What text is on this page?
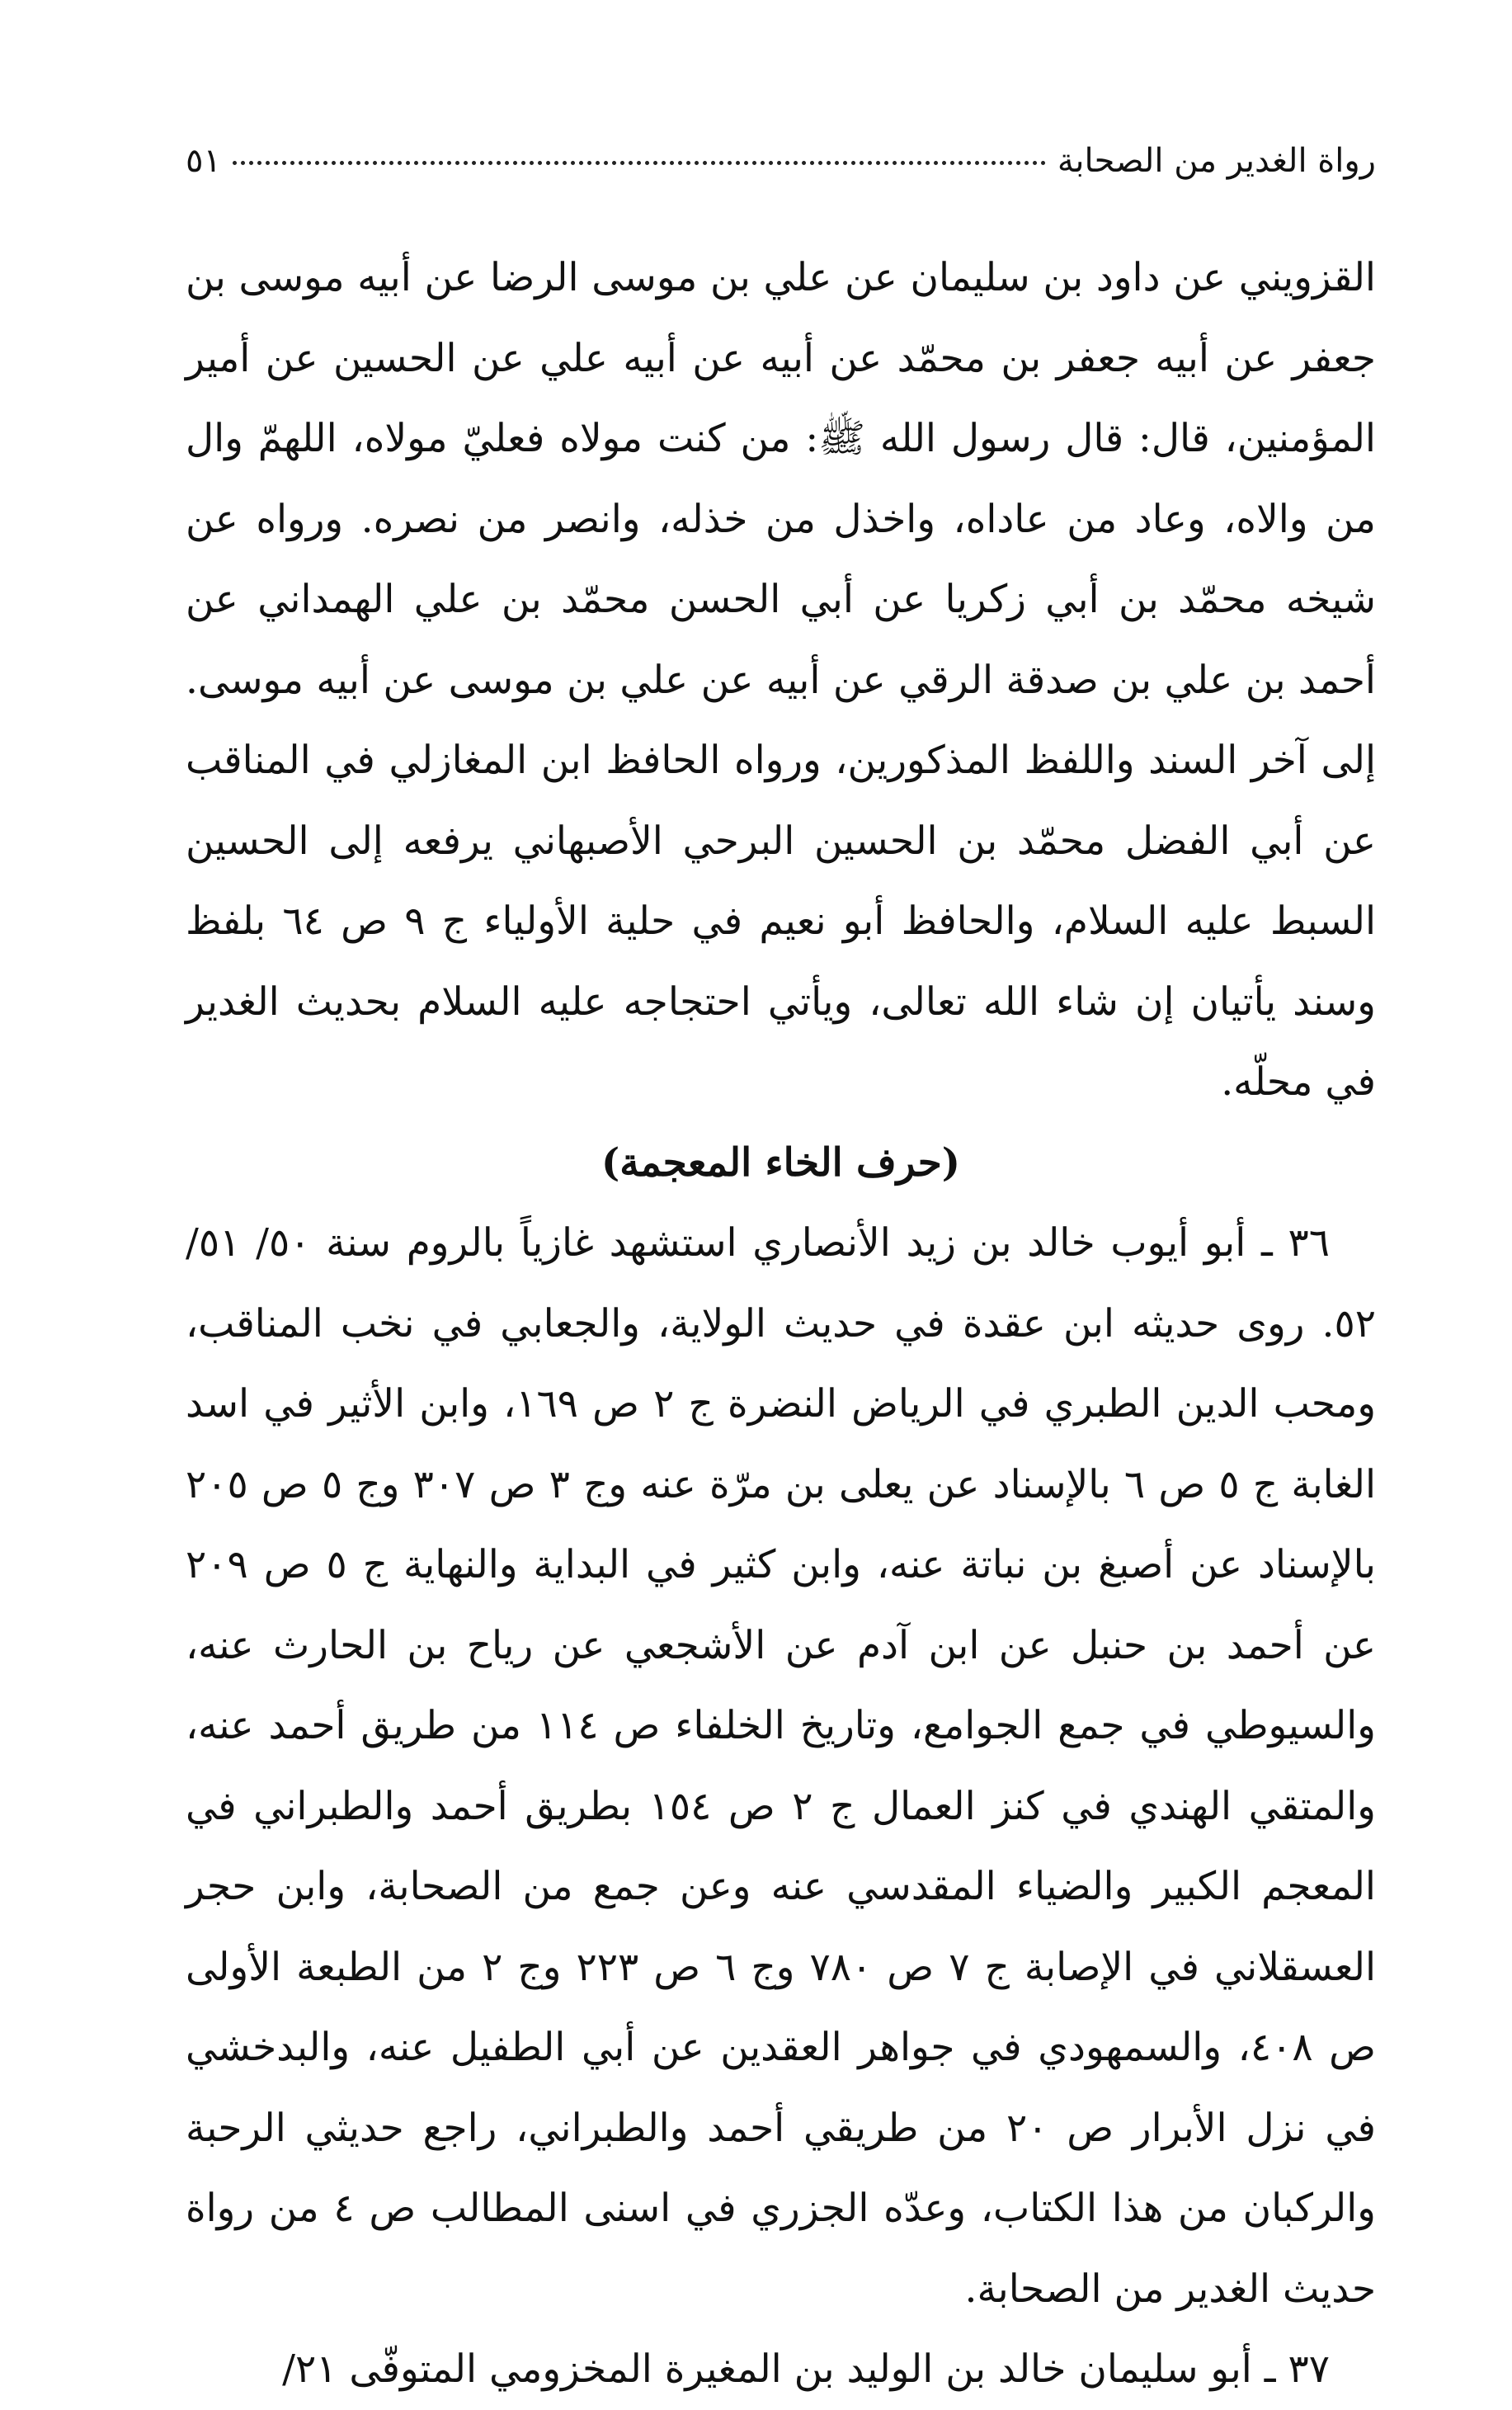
رواة الغدير من الصحابة
٥١

القزويني عن داود بن سليمان عن علي بن موسى الرضا عن أبيه موسى بن جعفر عن أبيه جعفر بن محمّد عن أبيه عن أبيه علي عن الحسين عن أمير المؤمنين، قال: قال رسول الله ﷺ: من كنت مولاه فعليّ مولاه، اللهمّ وال من والاه، وعاد من عاداه، واخذل من خذله، وانصر من نصره. ورواه عن شيخه محمّد بن أبي زكريا عن أبي الحسن محمّد بن علي الهمداني عن أحمد بن علي بن صدقة الرقي عن أبيه عن علي بن موسى عن أبيه موسى. إلى آخر السند واللفظ المذكورين، ورواه الحافظ ابن المغازلي في المناقب عن أبي الفضل محمّد بن الحسين البرحي الأصبهاني يرفعه إلى الحسين السبط عليه السلام، والحافظ أبو نعيم في حلية الأولياء ج ٩ ص ٦٤ بلفظ وسند يأتيان إن شاء الله تعالى، ويأتي احتجاجه عليه السلام بحديث الغدير في محلّه.

(حرف الخاء المعجمة)

٣٦ ـ أبو أيوب خالد بن زيد الأنصاري استشهد غازياً بالروم سنة ٥٠/ ٥١/ ٥٢. روى حديثه ابن عقدة في حديث الولاية، والجعابي في نخب المناقب، ومحب الدين الطبري في الرياض النضرة ج ٢ ص ١٦٩، وابن الأثير في اسد الغابة ج ٥ ص ٦ بالإسناد عن يعلى بن مرّة عنه وج ٣ ص ٣٠٧ وج ٥ ص ٢٠٥ بالإسناد عن أصبغ بن نباتة عنه، وابن كثير في البداية والنهاية ج ٥ ص ٢٠٩ عن أحمد بن حنبل عن ابن آدم عن الأشجعي عن رياح بن الحارث عنه، والسيوطي في جمع الجوامع، وتاريخ الخلفاء ص ١١٤ من طريق أحمد عنه، والمتقي الهندي في كنز العمال ج ٢ ص ١٥٤ بطريق أحمد والطبراني في المعجم الكبير والضياء المقدسي عنه وعن جمع من الصحابة، وابن حجر العسقلاني في الإصابة ج ٧ ص ٧٨٠ وج ٦ ص ٢٢٣ وج ٢ من الطبعة الأولى ص ٤٠٨، والسمهودي في جواهر العقدين عن أبي الطفيل عنه، والبدخشي في نزل الأبرار ص ٢٠ من طريقي أحمد والطبراني، راجع حديثي الرحبة والركبان من هذا الكتاب، وعدّه الجزري في اسنى المطالب ص ٤ من رواة حديث الغدير من الصحابة.

٣٧ ـ أبو سليمان خالد بن الوليد بن المغيرة المخزومي المتوفّى ٢١/
